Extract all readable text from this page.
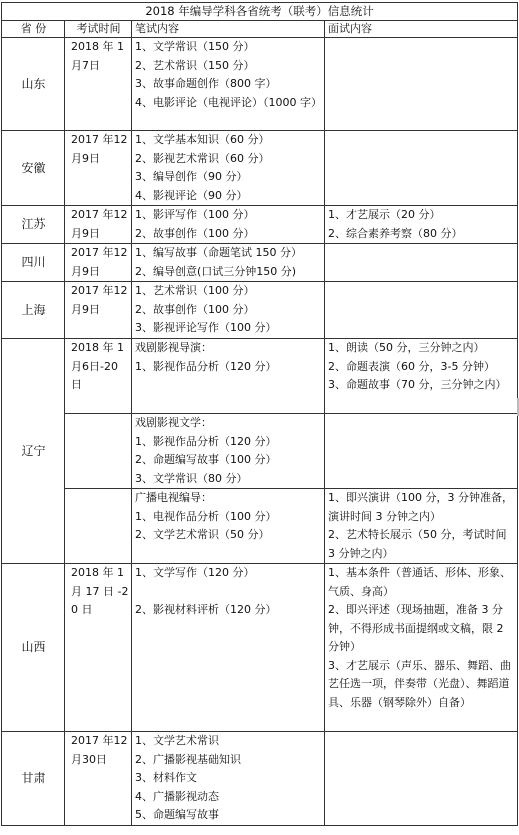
2018 年编导学科各省统考（联考）信息统计			
省 份	考试时间	笔试内容	面试内容
山东	2018 年 1 月7日	1、文学常识（150 分）
2、艺术常识（150 分）
3、故事命题创作（800 字）
4、电影评论（电视评论）（1000 字）	

安徽	2017 年12 月9日	1、文学基本知识（60 分）
2、影视艺术常识（60 分）
3、编导创作（90 分）
4、影视评论（90 分）	

江苏	2017 年12 月9日	1、影评写作（100 分）
2、故事创作（100 分）	1、才艺展示（20 分）
2、综合素养考察（80 分）

四川	2017 年12 月9日	1、编写故事（命题笔试 150 分）
2、编导创意(口试三分钟150 分)	

上海	2017 年12 月9日	1、艺术常识（100 分）
2、故事创作（100 分）
3、影视评论写作（100 分）	

辽宁	2018 年 1 月6日-20 日	戏剧影视导演：
1、影视作品分析（120 分）	1、朗读（50 分，三分钟之内）
2、命题表演（60 分，3-5 分钟）
3、命题故事（70 分，三分钟之内）

		戏剧影视文学：
1、影视作品分析（120 分）
2、命题编写故事（100 分）
3、文学常识（80 分）	

		广播电视编导：
1、电视作品分析（100 分）
2、文学艺术常识（50 分）	1、即兴演讲（100 分，3 分钟准备，演讲时间 3 分钟之内）
2、艺术特长展示（50 分，考试时间 3 分钟之内）

山西	2018 年 1 月 17 日 -20 日	1、文学写作（120 分）

2、影视材料评析（120 分）	1、基本条件（普通话、形体、形象、气质、身高）
2、即兴评述（现场抽题，准备 3 分钟，不得形成书面提纲或文稿，限 2 分钟）
3、才艺展示（声乐、器乐、舞蹈、曲艺任选一项，伴奏带（光盘）、舞蹈道具、乐器（钢琴除外）自备）

甘肃	2017 年12 月30日	1、文学艺术常识
2、广播影视基础知识
3、材料作文
4、广播影视动态
5、命题编写故事	
